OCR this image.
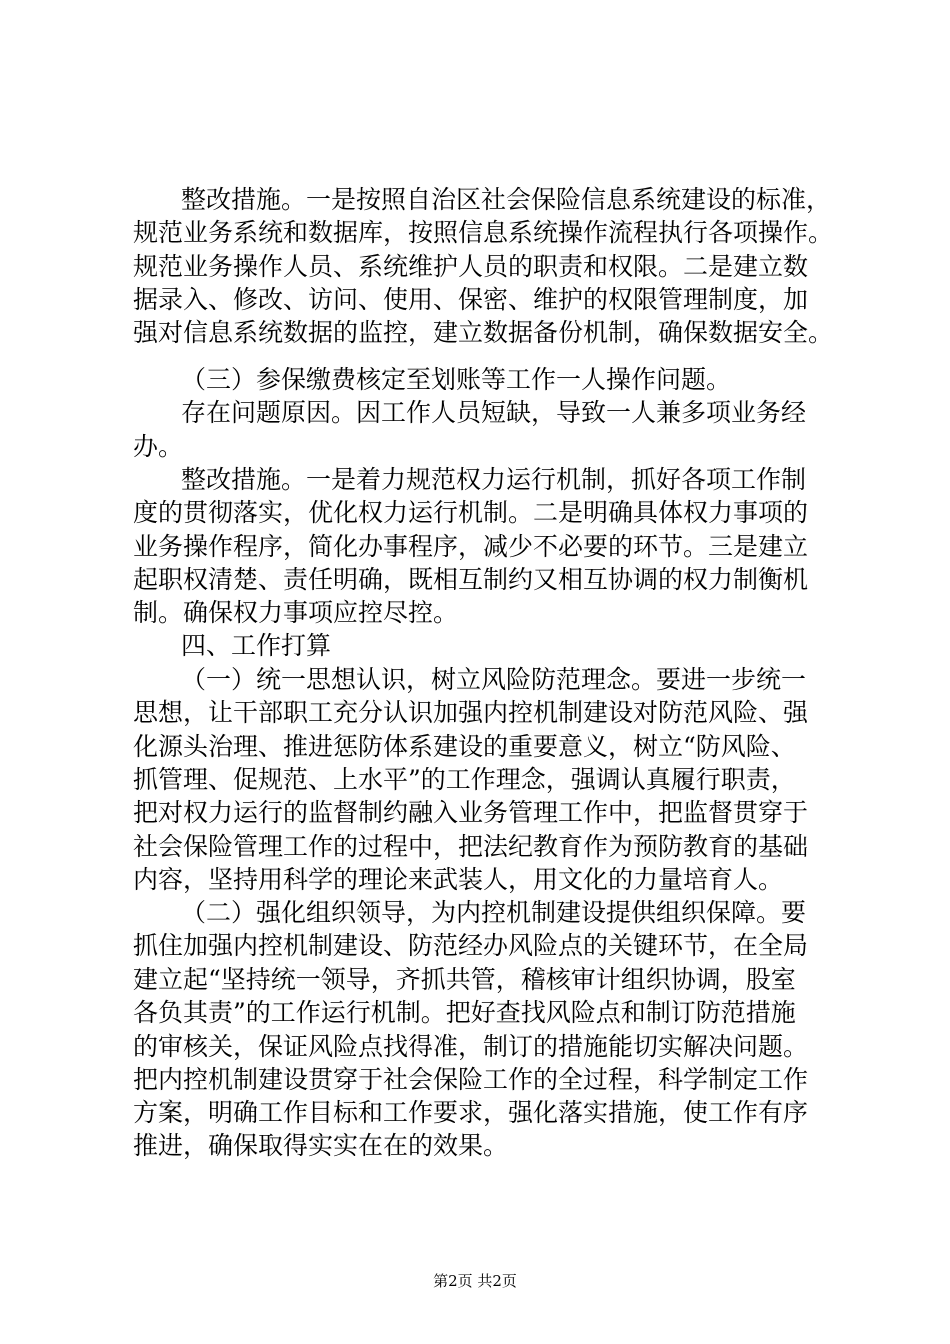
整改措施。一是按照自治区社会保险信息系统建设的标准，
规范业务系统和数据库，按照信息系统操作流程执行各项操作。
规范业务操作人员、系统维护人员的职责和权限。二是建立数
据录入、修改、访问、使用、保密、维护的权限管理制度，加
强对信息系统数据的监控，建立数据备份机制，确保数据安全。
（三）参保缴费核定至划账等工作一人操作问题。
存在问题原因。因工作人员短缺，导致一人兼多项业务经
办。
整改措施。一是着力规范权力运行机制，抓好各项工作制
度的贯彻落实，优化权力运行机制。二是明确具体权力事项的
业务操作程序，简化办事程序，减少不必要的环节。三是建立
起职权清楚、责任明确，既相互制约又相互协调的权力制衡机
制。确保权力事项应控尽控。
四、工作打算
（一）统一思想认识，树立风险防范理念。要进一步统一
思想，让干部职工充分认识加强内控机制建设对防范风险、强
化源头治理、推进惩防体系建设的重要意义，树立“防风险、
抓管理、促规范、上水平”的工作理念，强调认真履行职责，
把对权力运行的监督制约融入业务管理工作中，把监督贯穿于
社会保险管理工作的过程中，把法纪教育作为预防教育的基础
内容，坚持用科学的理论来武装人，用文化的力量培育人。
（二）强化组织领导，为内控机制建设提供组织保障。要
抓住加强内控机制建设、防范经办风险点的关键环节，在全局
建立起“坚持统一领导，齐抓共管，稽核审计组织协调，股室
各负其责”的工作运行机制。把好查找风险点和制订防范措施
的审核关，保证风险点找得准，制订的措施能切实解决问题。
把内控机制建设贯穿于社会保险工作的全过程，科学制定工作
方案，明确工作目标和工作要求，强化落实措施，使工作有序
推进，确保取得实实在在的效果。
第2页 共2页
